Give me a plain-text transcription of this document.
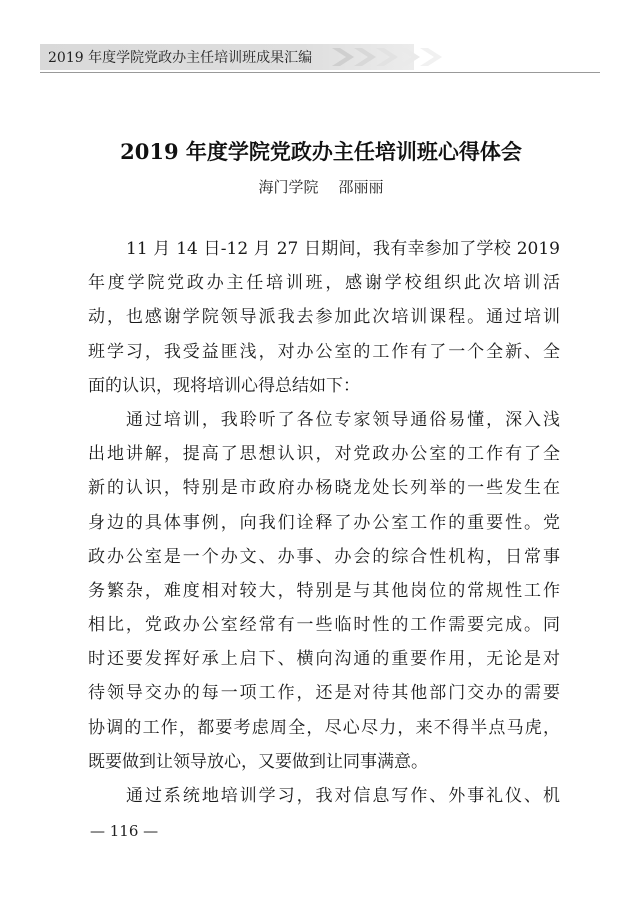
2019 年度学院党政办主任培训班成果汇编
2019 年度学院党政办主任培训班心得体会
海门学院 邵丽丽
11 月 14 日-12 月 27 日期间，我有幸参加了学校 2019
年度学院党政办主任培训班，感谢学校组织此次培训活
动，也感谢学院领导派我去参加此次培训课程。通过培训
班学习，我受益匪浅，对办公室的工作有了一个全新、全
面的认识，现将培训心得总结如下：
通过培训，我聆听了各位专家领导通俗易懂，深入浅
出地讲解，提高了思想认识，对党政办公室的工作有了全
新的认识，特别是市政府办杨晓龙处长列举的一些发生在
身边的具体事例，向我们诠释了办公室工作的重要性。党
政办公室是一个办文、办事、办会的综合性机构，日常事
务繁杂，难度相对较大，特别是与其他岗位的常规性工作
相比，党政办公室经常有一些临时性的工作需要完成。同
时还要发挥好承上启下、横向沟通的重要作用，无论是对
待领导交办的每一项工作，还是对待其他部门交办的需要
协调的工作，都要考虑周全，尽心尽力，来不得半点马虎，
既要做到让领导放心，又要做到让同事满意。
通过系统地培训学习，我对信息写作、外事礼仪、机
— 116 —
